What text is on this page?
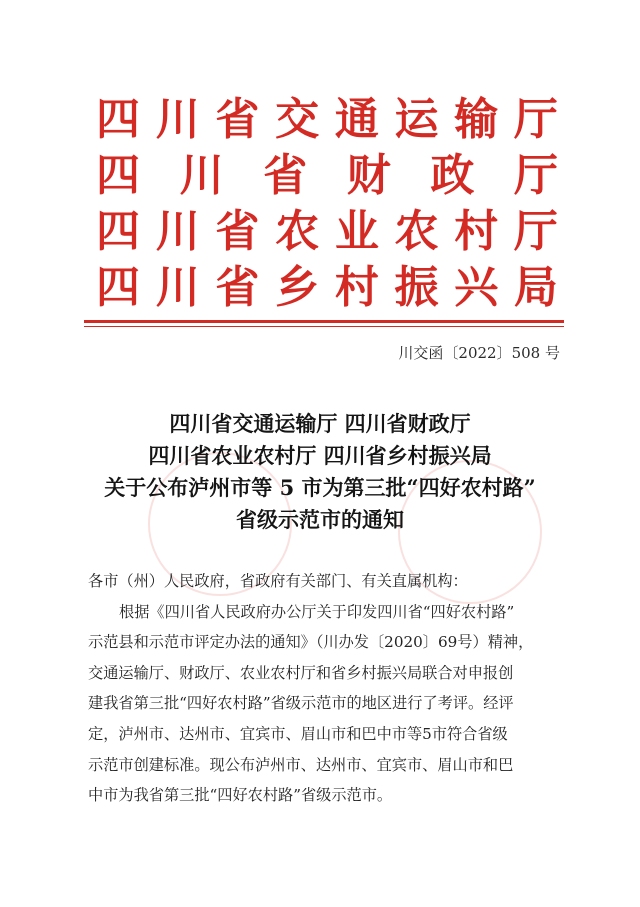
四 川 省 交 通 运 输 厅
四 川 省 财 政 厅
四 川 省 农 业 农 村 厅
四 川 省 乡 村 振 兴 局
川交函〔2022〕508 号
四川省交通运输厅 四川省财政厅
四川省农业农村厅 四川省乡村振兴局
关于公布泸州市等 5 市为第三批“四好农村路”
省级示范市的通知

各市（州）人民政府，省政府有关部门、有关直属机构：

根据《四川省人民政府办公厅关于印发四川省“四好农村路”

示范县和示范市评定办法的通知》（川办发〔2020〕69号）精神，

交通运输厅、财政厅、农业农村厅和省乡村振兴局联合对申报创

建我省第三批“四好农村路”省级示范市的地区进行了考评。经评

定，泸州市、达州市、宜宾市、眉山市和巴中市等5市符合省级

示范市创建标准。现公布泸州市、达州市、宜宾市、眉山市和巴

中市为我省第三批“四好农村路”省级示范市。
